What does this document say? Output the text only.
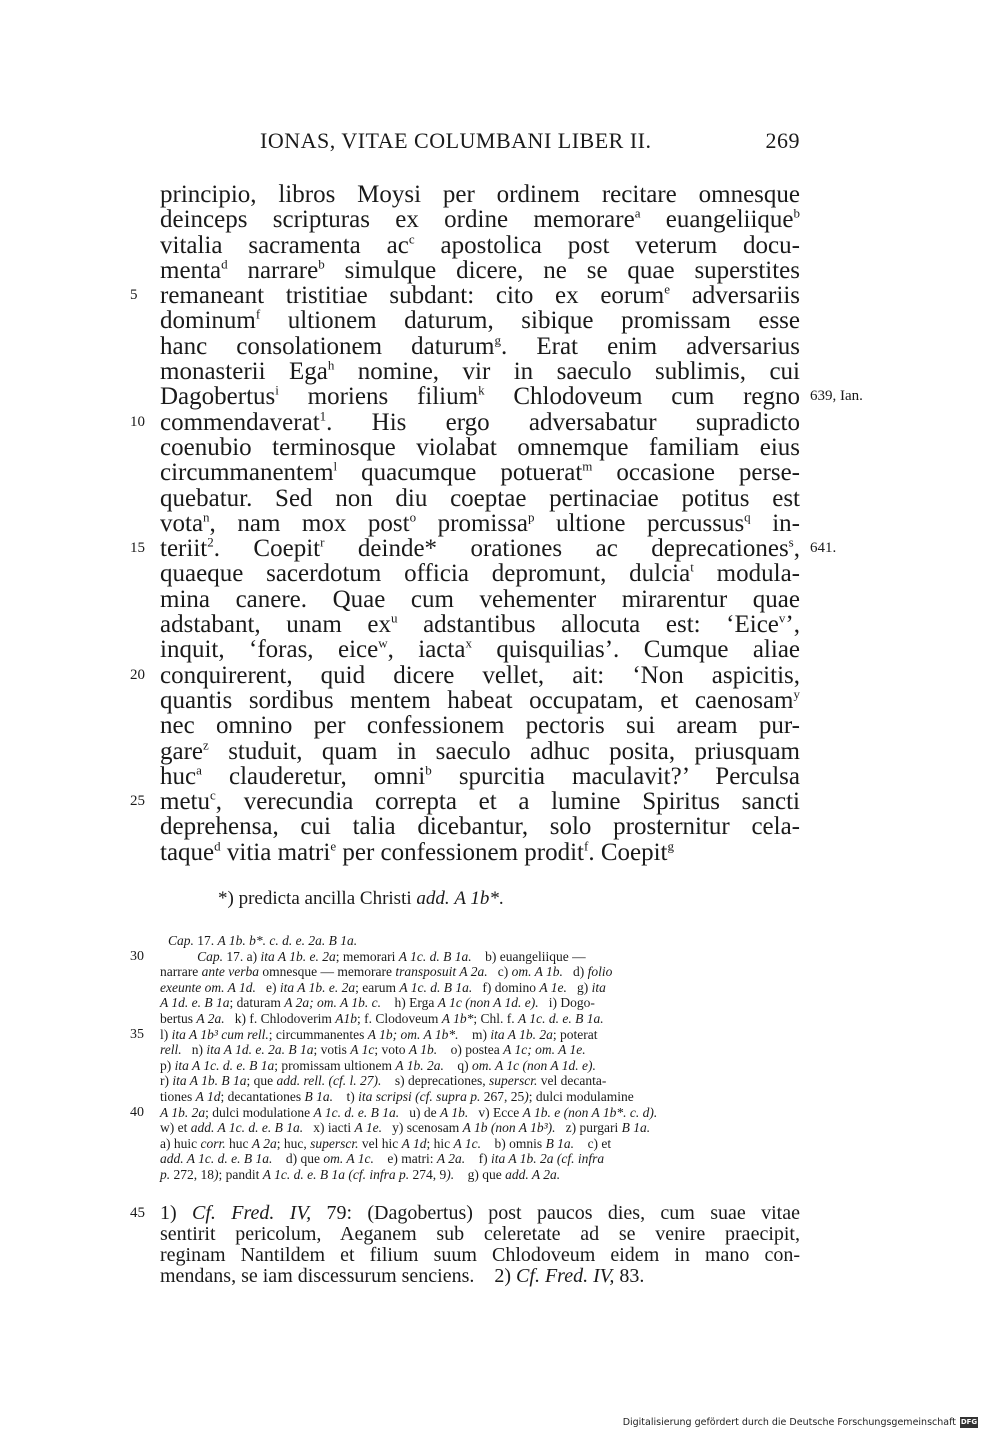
IONAS, VITAE COLUMBANI LIBER II.	269
principio, libros Moysi per ordinem recitare omnesque
deinceps scripturas ex ordine memorare$^a$ euangeliique$^b$
vitalia sacramenta $ac^c$ apostolica post veterum docu-
menta$^d$ narrare$^b$ simulque dicere, ne se quae superstites
5 remaneant tristitiae subdant: cito ex eorum$^e$ adversariis
dominum$^f$ ultionem daturum, sibique promissam esse
hanc consolationem daturum$^g$. Erat enim adversarius
monasterii Ega$^h$ nomine, vir in saeculo sublimis, cui
Dagobertus$^i$ moriens filium$^k$ Chlodoveum cum regno 639, Ian.
10 commendaverat$^1$. His ergo adversabatur supradicto
coenubio terminosque violabat omnemque familiam eius
circummanentem$^l$ quacumque potuerat$^m$ occasione perse-
quebatur. Sed non diu coeptae pertinaciae potitus est
vota$^n$, nam mox post$^o$ promissa$^p$ ultione percussus$^q$ in-
15 teriit$^2$. Coepit$^r$ deinde* orationes ac deprecationes$^s$, 641.
quaeque sacerdotum officia depromunt, dulcia$^t$ modula-
mina canere. Quae cum vehementer mirarentur quae
adstabant, unam $ex^u$ adstantibus allocuta est: ‘Eice$^v$’,
inquit, ‘foras, eice$^w$, iacta$^x$ quisquilias’. Cumque aliae
20 conquirerent, quid dicere vellet, ait: ‘Non aspicitis,
quantis sordibus mentem habeat occupatam, et caenosam$^y$
nec omnino per confessionem pectoris sui aream pur-
gare$^z$ studuit, quam in saeculo adhuc posita, priusquam
huc$^a$ clauderetur, omni$^b$ spurcitia maculavit?’ Perculsa
25 metu$^c$, verecundia correpta et a lumine Spiritus sancti
deprehensa, cui talia dicebantur, solo prosternitur cela-
taque$^d$ vitia matri$^e$ per confessionem prodit$^f$. Coepit$^g$
*) predicta ancilla Christi add. A 1b*.
Cap. 17. A 1b. b*. c. d. e. 2a. B 1a.
30	Cap. 17. a) ita A 1b. e. 2a; memorari A 1c. d. B 1a.    b) euangeliique —
narrare ante verba omnesque — memorare transposuit A 2a.   c) om. A 1b.   d) folio
exeunte om. A 1d.   e) ita A 1b. e. 2a; earum A 1c. d. B 1a.   f) domino A 1e.   g) ita
A 1d. e. B 1a; daturam A 2a; om. A 1b. c.    h) Erga A 1c (non A 1d. e).   i) Dogo-
bertus A 2a.   k) f. Chlodoverim A1b; f. Clodoveum A 1b*; Chl. f. A 1c. d. e. B 1a.
35 l) ita A 1b³ cum rell.; circummanentes A 1b; om. A 1b*.    m) ita A 1b. 2a; poterat
rell.   n) ita A 1d. e. 2a. B 1a; votis A 1c; voto A 1b.    o) postea A 1c; om. A 1e.
p) ita A 1c. d. e. B 1a; promissam ultionem A 1b. 2a.    q) om. A 1c (non A 1d. e).
r) ita A 1b. B 1a; que add. rell. (cf. l. 27).    s) deprecationes, superscr. vel decanta-
tiones A 1d; decantationes B 1a.    t) ita scripsi (cf. supra p. 267, 25); dulci modulamine
40 A 1b. 2a; dulci modulatione A 1c. d. e. B 1a.   u) de A 1b.   v) Ecce A 1b. e (non A 1b*. c. d).
w) et add. A 1c. d. e. B 1a.   x) iacti A 1e.   y) scenosam A 1b (non A 1b³).   z) purgari B 1a.
a) huic corr. huc A 2a; huc, superscr. vel hic A 1d; hic A 1c.    b) omnis B 1a.    c) et
add. A 1c. d. e. B 1a.    d) que om. A 1c.    e) matri: A 2a.    f) ita A 1b. 2a (cf. infra
p. 272, 18); pandit A 1c. d. e. B 1a (cf. infra p. 274, 9).    g) que add. A 2a.
45 1) Cf. Fred. IV, 79: (Dagobertus) post paucos dies, cum suae vitae
sentirit pericolum, Aeganem sub celeretate ad se venire praecipit,
reginam Nantildem et filium suum Chlodoveum eidem in mano con-
mendans, se iam discessurum senciens.    2) Cf. Fred. IV, 83.
Digitalisierung gefördert durch die Deutsche Forschungsgemeinschaft DFG
